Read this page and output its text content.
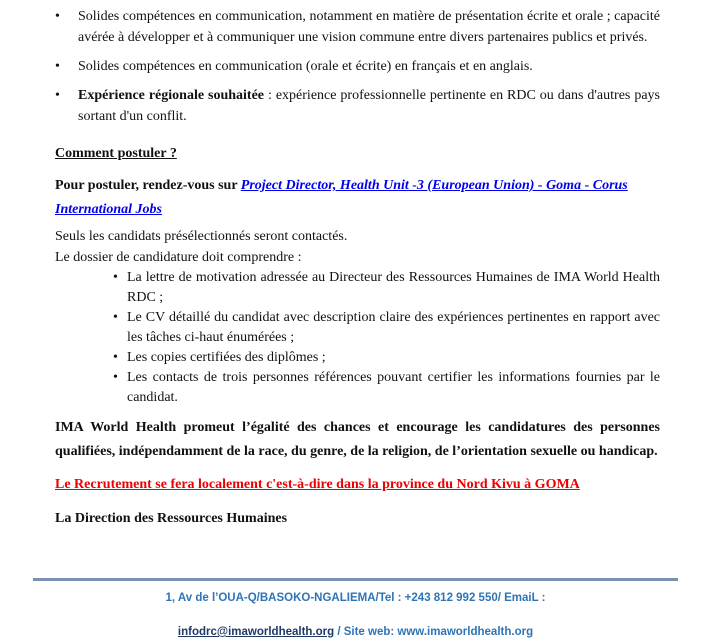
•	Solides compétences en communication, notamment en matière de présentation écrite et orale ; capacité avérée à développer et à communiquer une vision commune entre divers partenaires publics et privés.
•	Solides compétences en communication (orale et écrite) en français et en anglais.
•	Expérience régionale souhaitée : expérience professionnelle pertinente en RDC ou dans d'autres pays sortant d'un conflit.
Comment postuler ?
Pour postuler, rendez-vous sur Project Director, Health Unit -3 (European Union) - Goma - Corus International Jobs
Seuls les candidats présélectionnés seront contactés.
Le dossier de candidature doit comprendre :
• La lettre de motivation adressée au Directeur des Ressources Humaines de IMA World Health RDC ;
• Le CV détaillé du candidat avec description claire des expériences pertinentes en rapport avec les tâches ci-haut énumérées ;
• Les copies certifiées des diplômes ;
• Les contacts de trois personnes références pouvant certifier les informations fournies par le candidat.
IMA World Health promeut l’égalité des chances et encourage les candidatures des personnes qualifiées, indépendamment de la race, du genre, de la religion, de l’orientation sexuelle ou handicap.
Le Recrutement se fera localement c'est-à-dire dans la province du Nord Kivu à GOMA
La Direction des Ressources Humaines
1, Av de l’OUA-Q/BASOKO-NGALIEMA/Tel : +243 812 992 550/ EmaiL :
infodrc@imaworldhealth.org / Site web: www.imaworldhealth.org
